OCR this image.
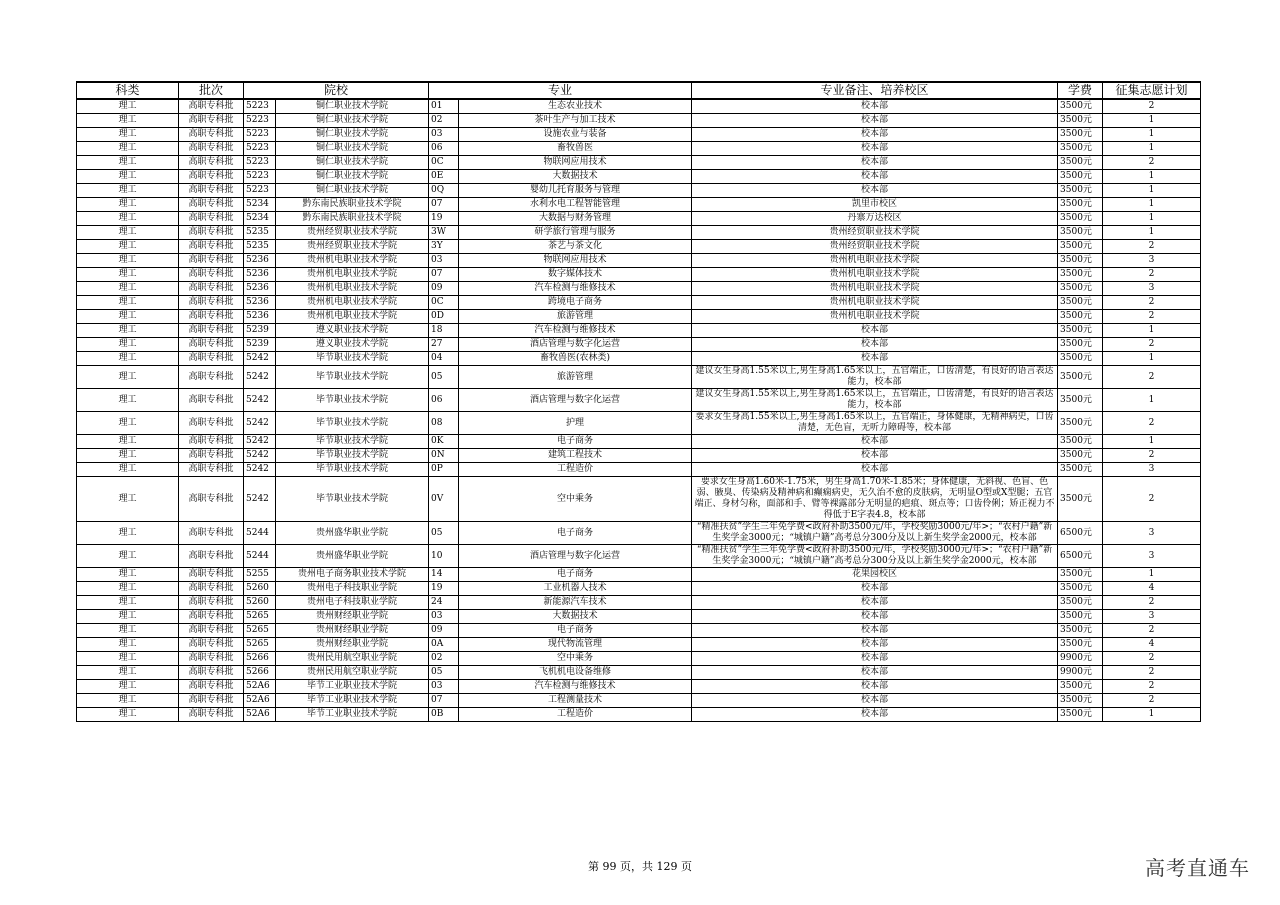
科类	批次	院校		专业		专业备注、培养校区	学费	征集志愿计划
理工	高职专科批	5223	铜仁职业技术学院	01	生态农业技术	校本部	3500元	2
理工	高职专科批	5223	铜仁职业技术学院	02	茶叶生产与加工技术	校本部	3500元	1
理工	高职专科批	5223	铜仁职业技术学院	03	设施农业与装备	校本部	3500元	1
理工	高职专科批	5223	铜仁职业技术学院	06	畜牧兽医	校本部	3500元	1
理工	高职专科批	5223	铜仁职业技术学院	0C	物联网应用技术	校本部	3500元	2
理工	高职专科批	5223	铜仁职业技术学院	0E	大数据技术	校本部	3500元	1
理工	高职专科批	5223	铜仁职业技术学院	0Q	婴幼儿托育服务与管理	校本部	3500元	1
理工	高职专科批	5234	黔东南民族职业技术学院	07	水利水电工程智能管理	凯里市校区	3500元	1
理工	高职专科批	5234	黔东南民族职业技术学院	19	大数据与财务管理	丹寨万达校区	3500元	1
理工	高职专科批	5235	贵州经贸职业技术学院	3W	研学旅行管理与服务	贵州经贸职业技术学院	3500元	1
理工	高职专科批	5235	贵州经贸职业技术学院	3Y	茶艺与茶文化	贵州经贸职业技术学院	3500元	2
理工	高职专科批	5236	贵州机电职业技术学院	03	物联网应用技术	贵州机电职业技术学院	3500元	3
理工	高职专科批	5236	贵州机电职业技术学院	07	数字媒体技术	贵州机电职业技术学院	3500元	2
理工	高职专科批	5236	贵州机电职业技术学院	09	汽车检测与维修技术	贵州机电职业技术学院	3500元	3
理工	高职专科批	5236	贵州机电职业技术学院	0C	跨境电子商务	贵州机电职业技术学院	3500元	2
理工	高职专科批	5236	贵州机电职业技术学院	0D	旅游管理	贵州机电职业技术学院	3500元	2
理工	高职专科批	5239	遵义职业技术学院	18	汽车检测与维修技术	校本部	3500元	1
理工	高职专科批	5239	遵义职业技术学院	27	酒店管理与数字化运营	校本部	3500元	2
理工	高职专科批	5242	毕节职业技术学院	04	畜牧兽医(农林类)	校本部	3500元	1
理工	高职专科批	5242	毕节职业技术学院	05	旅游管理	建议女生身高1.55米以上,男生身高1.65米以上，五官端正，口齿清楚，有良好的语言表达能力，校本部	3500元	2
理工	高职专科批	5242	毕节职业技术学院	06	酒店管理与数字化运营	建议女生身高1.55米以上,男生身高1.65米以上，五官端正，口齿清楚，有良好的语言表达能力，校本部	3500元	1
理工	高职专科批	5242	毕节职业技术学院	08	护理	要求女生身高1.55米以上,男生身高1.65米以上，五官端正，身体健康，无精神病史，口齿清楚，无色盲，无听力障碍等，校本部	3500元	2
理工	高职专科批	5242	毕节职业技术学院	0K	电子商务	校本部	3500元	1
理工	高职专科批	5242	毕节职业技术学院	0N	建筑工程技术	校本部	3500元	2
理工	高职专科批	5242	毕节职业技术学院	0P	工程造价	校本部	3500元	3
理工	高职专科批	5242	毕节职业技术学院	0V	空中乘务	要求女生身高1.60米-1.75米，男生身高1.70米-1.85米；身体健康，无斜视、色盲、色弱、腋臭、传染病及精神病和癫痫病史，无久治不愈的皮肤病，无明显O型或X型腿；五官端正、身材匀称，面部和手、臂等裸露部分无明显的疤痕、斑点等；口齿伶俐；矫正视力不得低于E字表4.8，校本部	3500元	2
理工	高职专科批	5244	贵州盛华职业学院	05	电子商务	“精准扶贫”学生三年免学费<政府补助3500元/年，学校奖励3000元/年>；“农村户籍”新生奖学金3000元；“城镇户籍”高考总分300分及以上新生奖学金2000元，校本部	6500元	3
理工	高职专科批	5244	贵州盛华职业学院	10	酒店管理与数字化运营	“精准扶贫”学生三年免学费<政府补助3500元/年，学校奖励3000元/年>；“农村户籍”新生奖学金3000元；“城镇户籍”高考总分300分及以上新生奖学金2000元，校本部	6500元	3
理工	高职专科批	5255	贵州电子商务职业技术学院	14	电子商务	花果园校区	3500元	1
理工	高职专科批	5260	贵州电子科技职业学院	19	工业机器人技术	校本部	3500元	4
理工	高职专科批	5260	贵州电子科技职业学院	24	新能源汽车技术	校本部	3500元	2
理工	高职专科批	5265	贵州财经职业学院	03	大数据技术	校本部	3500元	3
理工	高职专科批	5265	贵州财经职业学院	09	电子商务	校本部	3500元	2
理工	高职专科批	5265	贵州财经职业学院	0A	现代物流管理	校本部	3500元	4
理工	高职专科批	5266	贵州民用航空职业学院	02	空中乘务	校本部	9900元	2
理工	高职专科批	5266	贵州民用航空职业学院	05	飞机机电设备维修	校本部	9900元	2
理工	高职专科批	52A6	毕节工业职业技术学院	03	汽车检测与维修技术	校本部	3500元	2
理工	高职专科批	52A6	毕节工业职业技术学院	07	工程测量技术	校本部	3500元	2
理工	高职专科批	52A6	毕节工业职业技术学院	0B	工程造价	校本部	3500元	1
第 99 页，共 129 页	高考直通车
